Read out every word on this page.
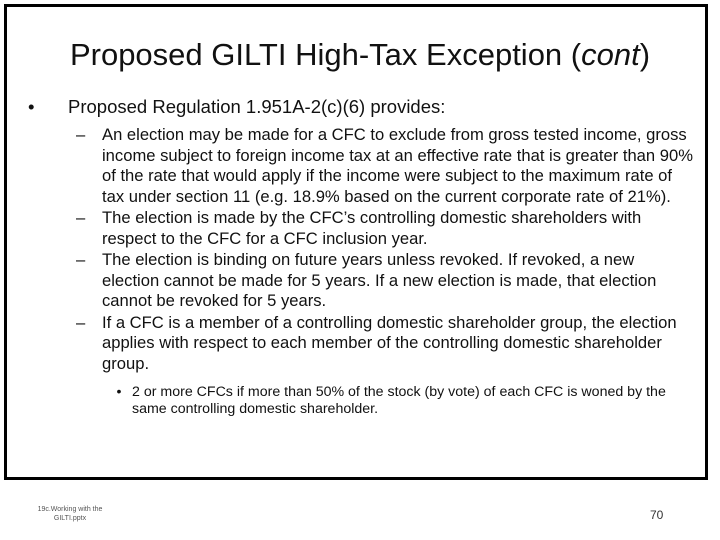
Proposed GILTI High-Tax Exception (cont)
•	Proposed Regulation 1.951A-2(c)(6) provides:
–	An election may be made for a CFC to exclude from gross tested income, gross income subject to foreign income tax at an effective rate that is greater than 90% of the rate that would apply if the income were subject to the maximum rate of tax under section 11 (e.g. 18.9% based on the current corporate rate of 21%).
–	The election is made by the CFC’s controlling domestic shareholders with respect to the CFC for a CFC inclusion year.
–	The election is binding on future years unless revoked. If revoked, a new election cannot be made for 5 years. If a new election is made, that election cannot be revoked for 5 years.
–	If a CFC is a member of a controlling domestic shareholder group, the election applies with respect to each member of the controlling domestic shareholder group.
• 2 or more CFCs if more than 50% of the stock (by vote) of each CFC is woned by the same controlling domestic shareholder.
19c.Working with the GILTI.pptx	70
